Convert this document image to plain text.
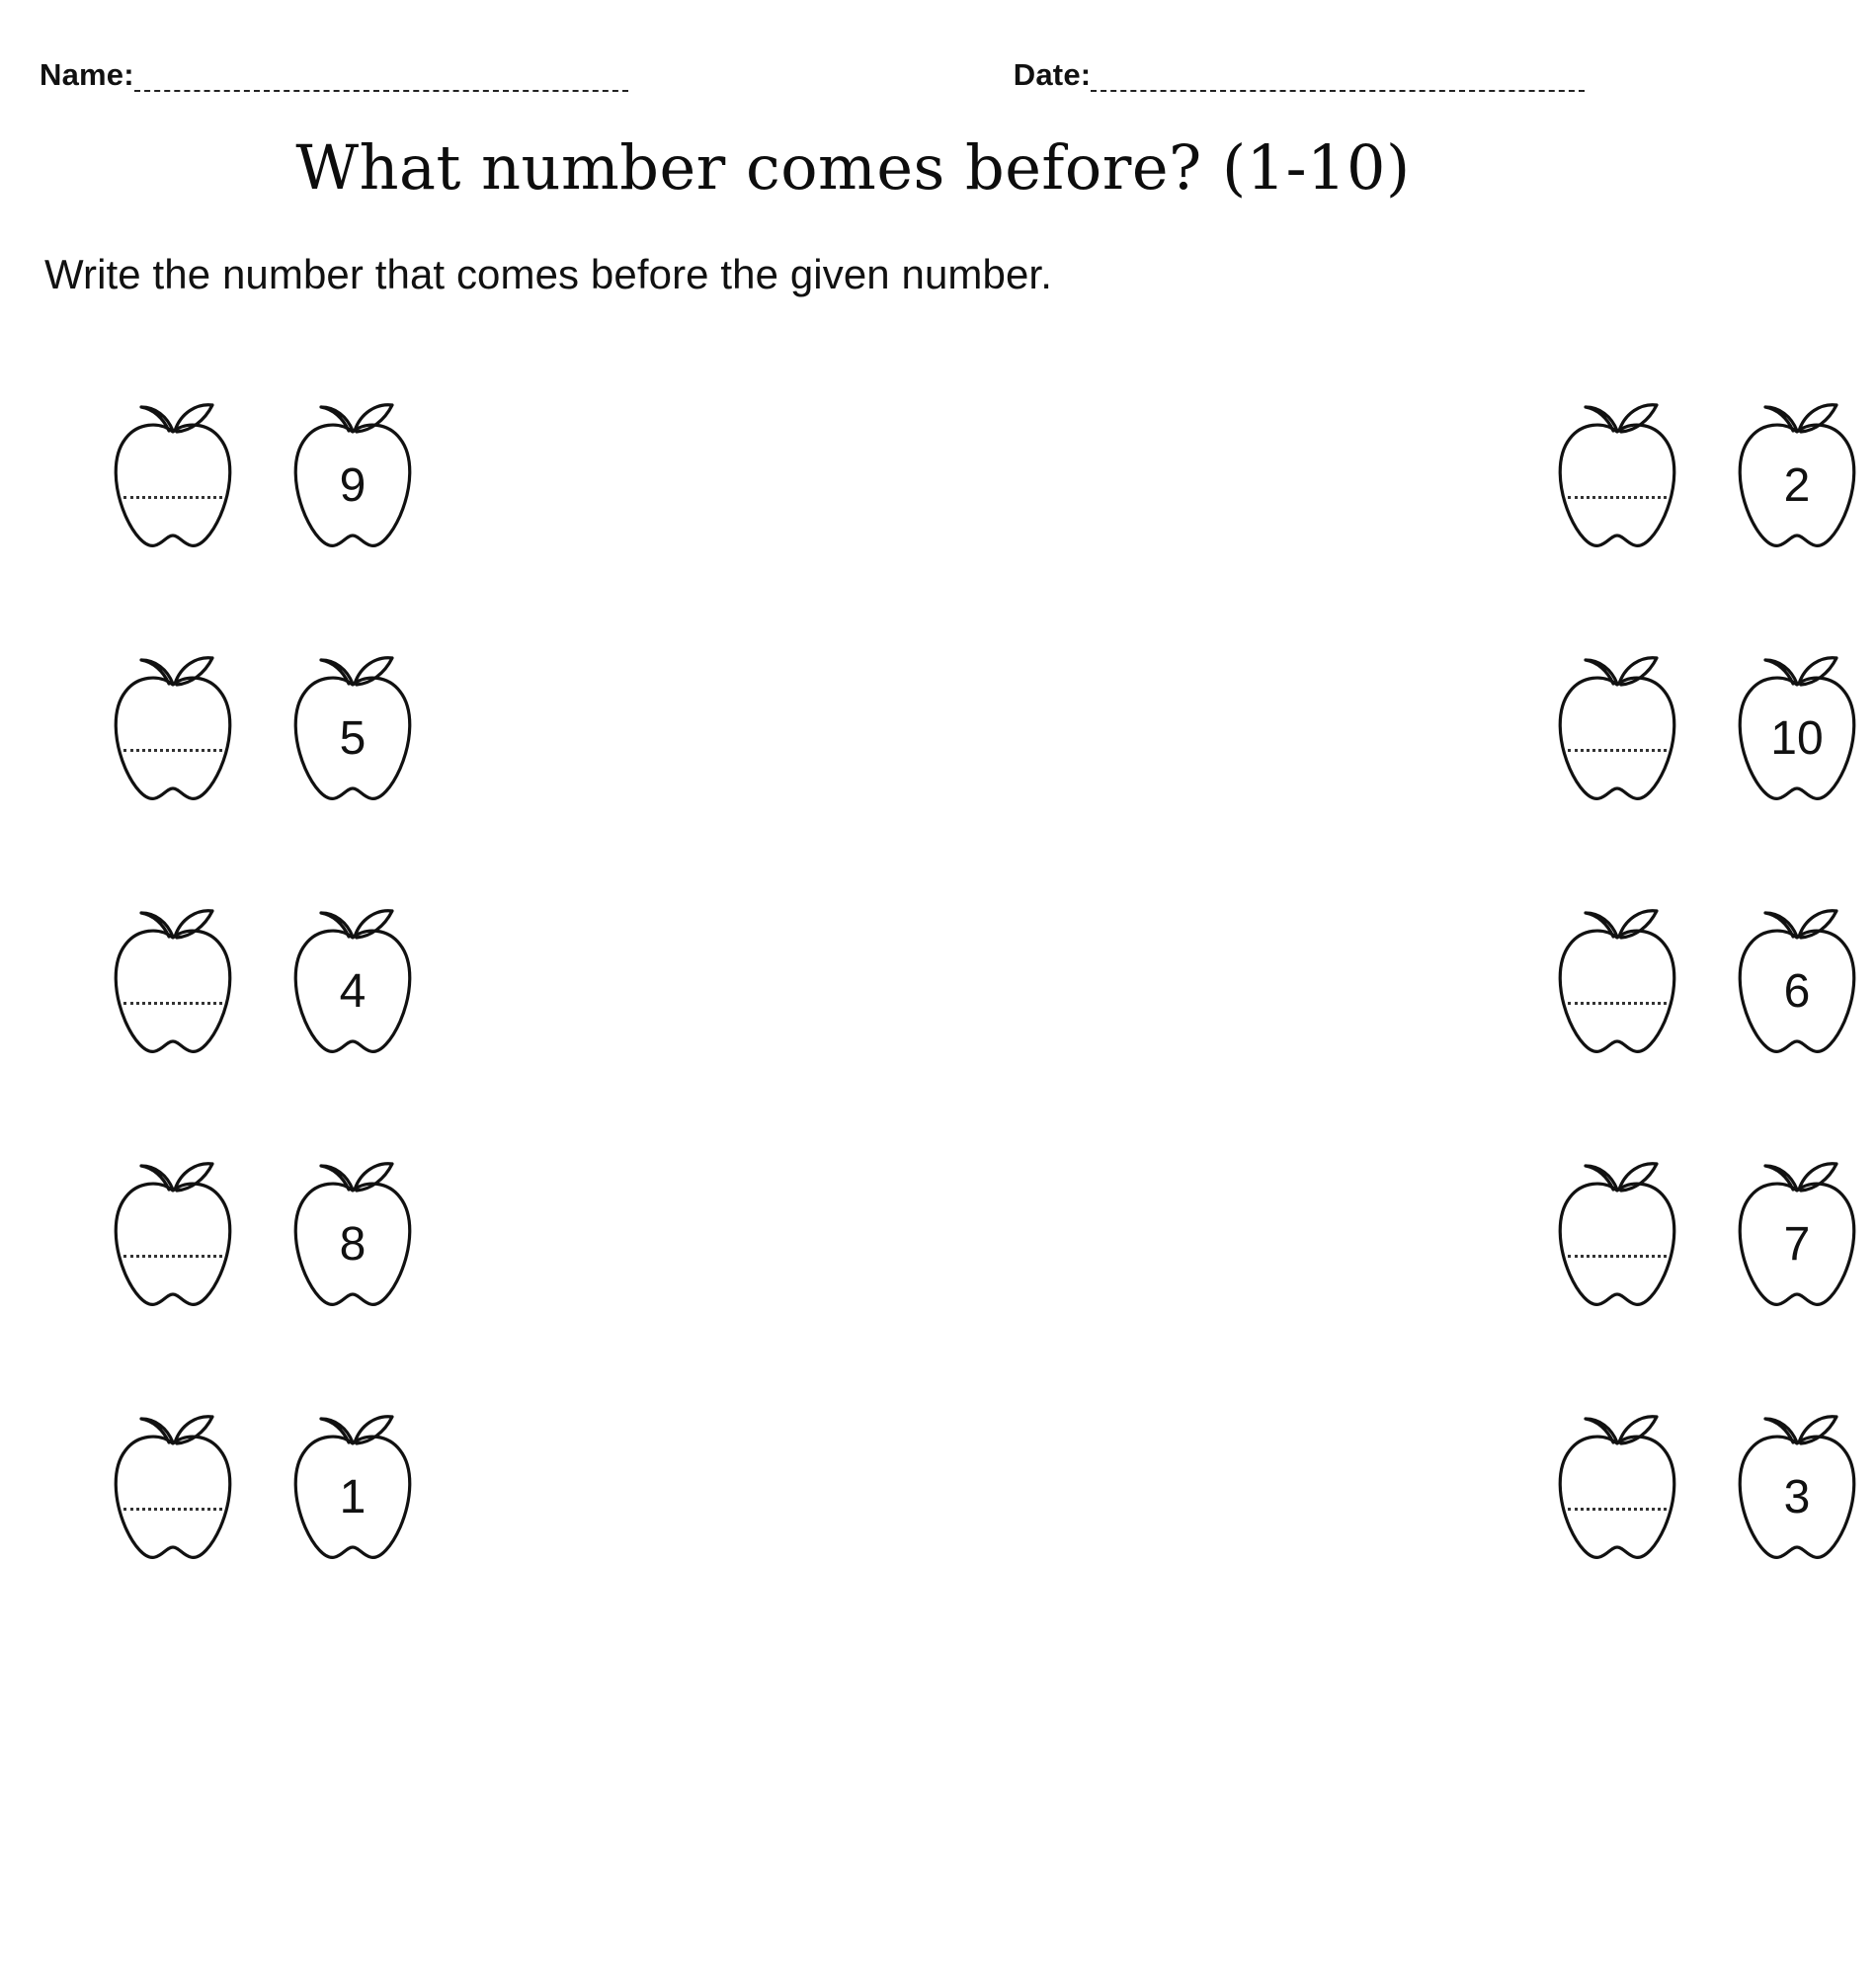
Name:	Date:
What number comes before? (1-10)
Write the number that comes before the given number.
9	2
5	10
4	6
8	7
1	3
